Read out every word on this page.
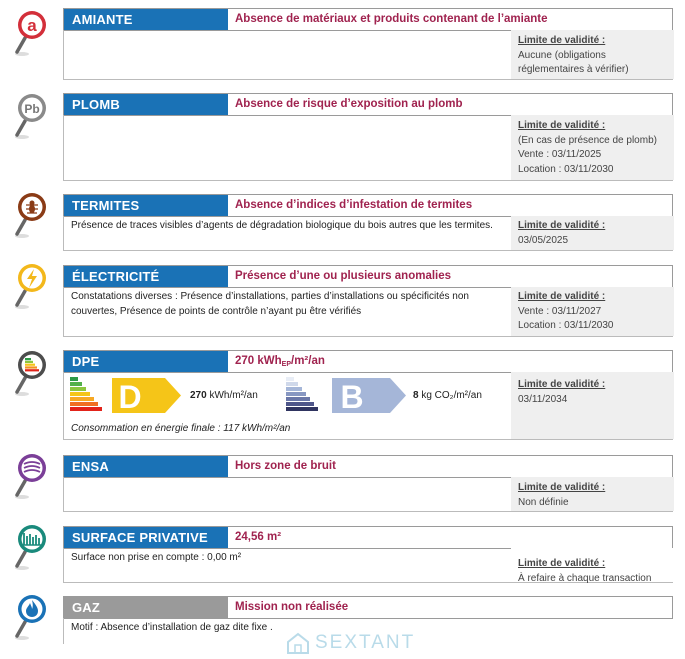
a	AMIANTE	Absence de matériaux et produits contenant de l’amiante
Limite de validité :
Aucune (obligations
réglementaires à vérifier)
Pb	PLOMB	Absence de risque d’exposition au plomb
Limite de validité :
(En cas de présence de plomb)
Vente : 03/11/2025
Location : 03/11/2030
TERMITES	Absence d’indices d’infestation de termites
Présence de traces visibles d’agents de dégradation biologique du bois autres que les termites.	Limite de validité :
03/05/2025
ÉLECTRICITÉ	Présence d’une ou plusieurs anomalies
Constatations diverses : Présence d’installations, parties d’installations ou spécificités non couvertes, Présence de points de contrôle n’ayant pu être vérifiés
Limite de validité :
Vente : 03/11/2027
Location : 03/11/2030
DPE	270 kWh$_{EP}$/m²/an
D	270 kWh/m²/an	B	8 kg CO₂/m²/an
Consommation en énergie finale : 117 kWh/m²/an
Limite de validité :
03/11/2034
ENSA	Hors zone de bruit
Limite de validité :
Non définie
SURFACE PRIVATIVE	24,56 m²
Surface non prise en compte : 0,00 m²
Limite de validité :
À refaire à chaque transaction
GAZ	Mission non réalisée
Motif : Absence d’installation de gaz dite fixe .
SEXTANT
